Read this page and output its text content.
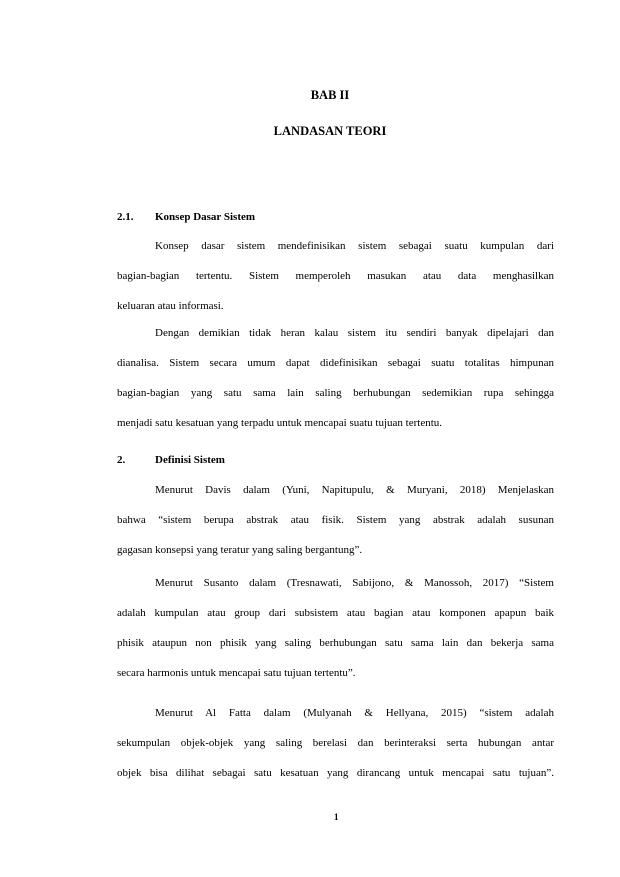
BAB II
LANDASAN TEORI
2.1. Konsep Dasar Sistem
Konsep dasar sistem mendefinisikan sistem sebagai suatu kumpulan dari
bagian-bagian tertentu. Sistem memperoleh masukan atau data menghasilkan
keluaran atau informasi.
Dengan demikian tidak heran kalau sistem itu sendiri banyak dipelajari dan
dianalisa. Sistem secara umum dapat didefinisikan sebagai suatu totalitas himpunan
bagian-bagian yang satu sama lain saling berhubungan sedemikian rupa sehingga
menjadi satu kesatuan yang terpadu untuk mencapai suatu tujuan tertentu.
2.	Definisi Sistem
Menurut Davis dalam (Yuni, Napitupulu, & Muryani, 2018) Menjelaskan
bahwa “sistem berupa abstrak atau fisik. Sistem yang abstrak adalah susunan
gagasan konsepsi yang teratur yang saling bergantung”.
Menurut Susanto dalam (Tresnawati, Sabijono, & Manossoh, 2017) “Sistem
adalah kumpulan atau group dari subsistem atau bagian atau komponen apapun baik
phisik ataupun non phisik yang saling berhubungan satu sama lain dan bekerja sama
secara harmonis untuk mencapai satu tujuan tertentu”.
Menurut Al Fatta dalam (Mulyanah & Hellyana, 2015) “sistem adalah
sekumpulan objek-objek yang saling berelasi dan berinteraksi serta hubungan antar
objek bisa dilihat sebagai satu kesatuan yang dirancang untuk mencapai satu tujuan”.
1
